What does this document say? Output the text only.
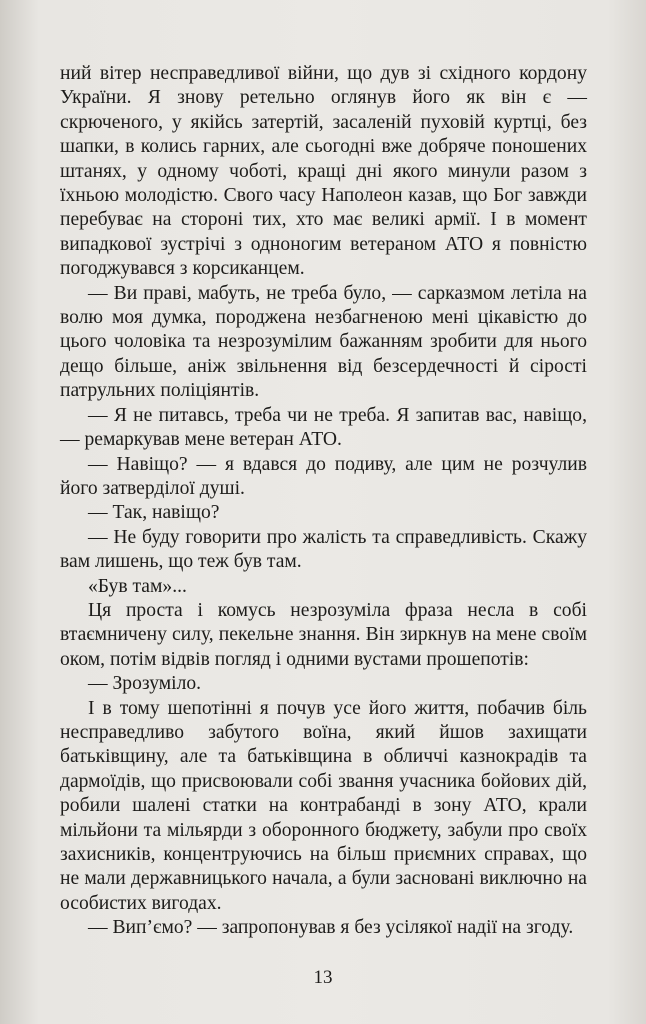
ний вітер несправедливої війни, що дув зі східного кордону України. Я знову ретельно оглянув його як він є — скрюченого, у якійсь затертій, засаленій пуховій куртці, без шапки, в колись гарних, але сьогодні вже добряче поношених штанях, у одному чоботі, кращі дні якого минули разом з їхньою молодістю. Свого часу Наполеон казав, що Бог завжди перебуває на стороні тих, хто має великі армії. І в момент випадкової зустрічі з одноногим ветераном АТО я повністю погоджувався з корсиканцем.

— Ви праві, мабуть, не треба було, — сарказмом летіла на волю моя думка, породжена незбагненою мені цікавістю до цього чоловіка та незрозумілим бажанням зробити для нього дещо більше, аніж звільнення від безсердечності й сірості патрульних поліціянтів.

— Я не питавсь, треба чи не треба. Я запитав вас, навіщо, — ремаркував мене ветеран АТО.

— Навіщо? — я вдався до подиву, але цим не розчулив його затверділої душі.

— Так, навіщо?

— Не буду говорити про жалість та справедливість. Скажу вам лишень, що теж був там.

«Був там»...

Ця проста і комусь незрозуміла фраза несла в собі втаємничену силу, пекельне знання. Він зиркнув на мене своїм оком, потім відвів погляд і одними вустами прошепотів:

— Зрозуміло.

І в тому шепотінні я почув усе його життя, побачив біль несправедливо забутого воїна, який йшов захищати батьківщину, але та батьківщина в обличчі казнокрадів та дармоїдів, що присвоювали собі звання учасника бойових дій, робили шалені статки на контрабанді в зону АТО, крали мільйони та мільярди з оборонного бюджету, забули про своїх захисників, концентруючись на більш приємних справах, що не мали державницького начала, а були засновані виключно на особистих вигодах.

— Вип’ємо? — запропонував я без усілякої надії на згоду.

13
